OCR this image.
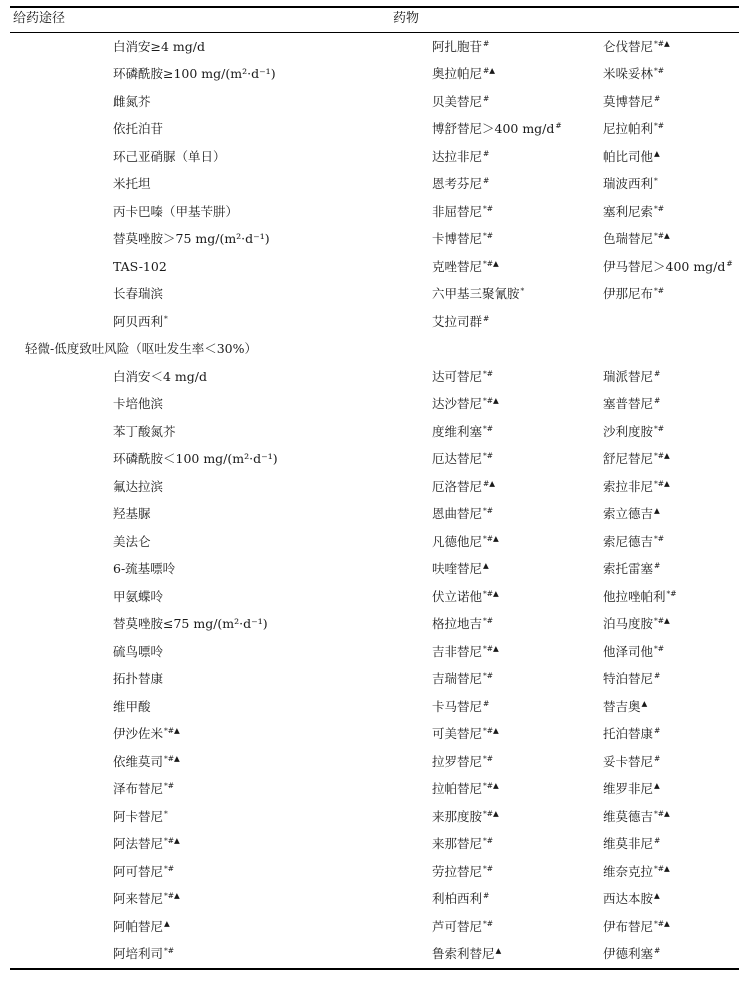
给药途径	药物
白消安≥4 mg/d	阿扎胞苷#	仑伐替尼*#▲
环磷酰胺≥100 mg/(m²·d⁻¹)	奥拉帕尼#▲	米哚妥林*#
雌氮芥	贝美替尼#	莫博替尼#
依托泊苷	博舒替尼＞400 mg/d#	尼拉帕利*#
环己亚硝脲（单日）	达拉非尼#	帕比司他▲
米托坦	恩考芬尼#	瑞波西利*
丙卡巴嗪（甲基苄肼）	非屈替尼*#	塞利尼索*#
替莫唑胺＞75 mg/(m²·d⁻¹)	卡博替尼*#	色瑞替尼*#▲
TAS-102	克唑替尼*#▲	伊马替尼＞400 mg/d#
长春瑞滨	六甲基三聚氰胺*	伊那尼布*#
阿贝西利*	艾拉司群#
轻微-低度致吐风险（呕吐发生率＜30%）
白消安＜4 mg/d	达可替尼*#	瑞派替尼#
卡培他滨	达沙替尼*#▲	塞普替尼#
苯丁酸氮芥	度维利塞*#	沙利度胺*#
环磷酰胺＜100 mg/(m²·d⁻¹)	厄达替尼*#	舒尼替尼*#▲
氟达拉滨	厄洛替尼#▲	索拉非尼*#▲
羟基脲	恩曲替尼*#	索立德吉▲
美法仑	凡德他尼*#▲	索尼德吉*#
6-巯基嘌呤	呋喹替尼▲	索托雷塞#
甲氨蝶呤	伏立诺他*#▲	他拉唑帕利*#
替莫唑胺≤75 mg/(m²·d⁻¹)	格拉地吉*#	泊马度胺*#▲
硫鸟嘌呤	吉非替尼*#▲	他泽司他*#
拓扑替康	吉瑞替尼*#	特泊替尼#
维甲酸	卡马替尼#	替吉奥▲
伊沙佐米*#▲	可美替尼*#▲	托泊替康#
依维莫司*#▲	拉罗替尼*#	妥卡替尼#
泽布替尼*#	拉帕替尼*#▲	维罗非尼▲
阿卡替尼*	来那度胺*#▲	维莫德吉*#▲
阿法替尼*#▲	来那替尼*#	维莫非尼#
阿可替尼*#	劳拉替尼*#	维奈克拉*#▲
阿来替尼*#▲	利柏西利#	西达本胺▲
阿帕替尼▲	芦可替尼*#	伊布替尼*#▲
阿培利司*#	鲁索利替尼▲	伊德利塞#
